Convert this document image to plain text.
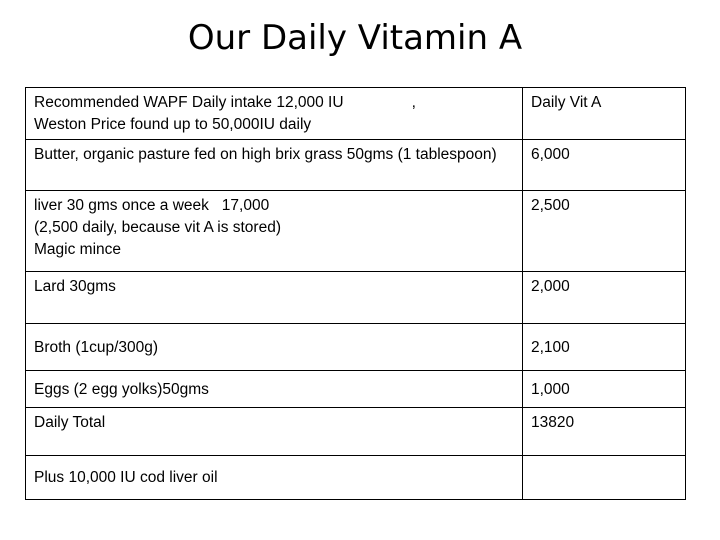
Our Daily Vitamin A
Recommended WAPF Daily intake 12,000 IU ,
Weston Price found up to 50,000IU daily	Daily Vit A

Butter, organic pasture fed on high brix grass 50gms (1 tablespoon)	6,000

liver 30 gms once a week   17,000
(2,500 daily, because vit A is stored)
Magic mince	2,500
Lard 30gms	2,000
Broth (1cup/300g)	2,100
Eggs (2 egg yolks)50gms	1,000
Daily Total	13820
Plus 10,000 IU cod liver oil	
